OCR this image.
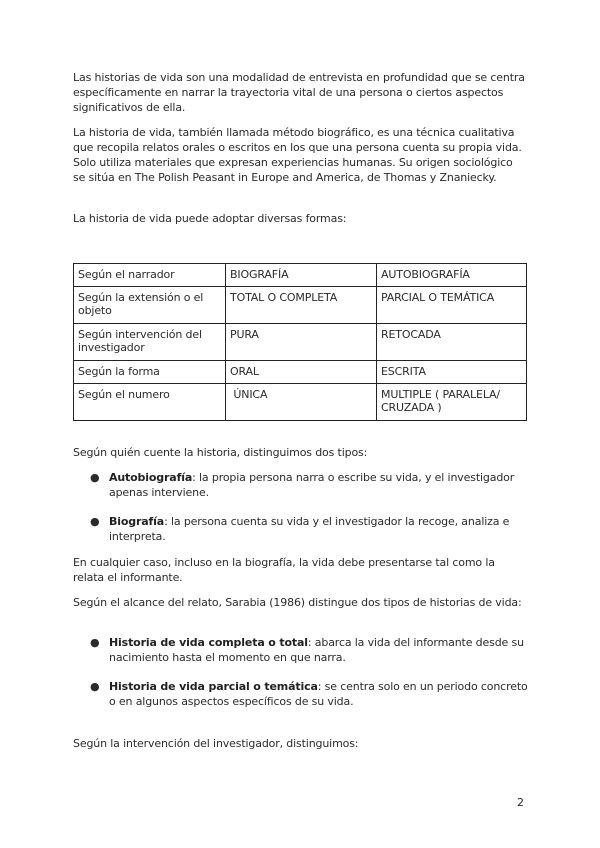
Las historias de vida son una modalidad de entrevista en profundidad que se centra específicamente en narrar la trayectoria vital de una persona o ciertos aspectos significativos de ella.

La historia de vida, también llamada método biográfico, es una técnica cualitativa que recopila relatos orales o escritos en los que una persona cuenta su propia vida. Solo utiliza materiales que expresan experiencias humanas. Su origen sociológico se sitúa en The Polish Peasant in Europe and America, de Thomas y Znaniecky.

La historia de vida puede adoptar diversas formas:

Según el narrador	BIOGRAFÍA	AUTOBIOGRAFÍA
Según la extensión o el objeto	TOTAL O COMPLETA	PARCIAL O TEMÁTICA
Según intervención del investigador	PURA	RETOCADA
Según la forma	ORAL	ESCRITA
Según el numero	ÚNICA	MULTIPLE ( PARALELA/ CRUZADA )

Según quién cuente la historia, distinguimos dos tipos:

● Autobiografía: la propia persona narra o escribe su vida, y el investigador apenas interviene.
● Biografía: la persona cuenta su vida y el investigador la recoge, analiza e interpreta.

En cualquier caso, incluso en la biografía, la vida debe presentarse tal como la relata el informante.

Según el alcance del relato, Sarabia (1986) distingue dos tipos de historias de vida:

● Historia de vida completa o total: abarca la vida del informante desde su nacimiento hasta el momento en que narra.
● Historia de vida parcial o temática: se centra solo en un periodo concreto o en algunos aspectos específicos de su vida.

Según la intervención del investigador, distinguimos:

2
